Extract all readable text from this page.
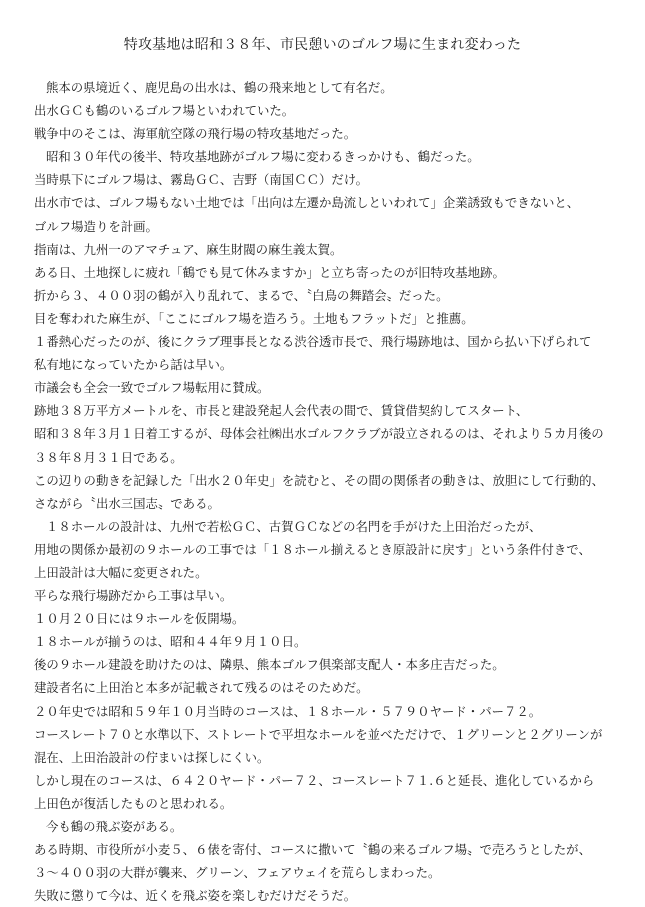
特攻基地は昭和３８年、市民憩いのゴルフ場に生まれ変わった
熊本の県境近く、鹿児島の出水は、鶴の飛来地として有名だ。
出水ＧＣも鶴のいるゴルフ場といわれていた。
戦争中のそこは、海軍航空隊の飛行場の特攻基地だった。
昭和３０年代の後半、特攻基地跡がゴルフ場に変わるきっかけも、鶴だった。
当時県下にゴルフ場は、霧島ＧＣ、吉野（南国ＣＣ）だけ。
出水市では、ゴルフ場もない土地では「出向は左遷か島流しといわれて」企業誘致もできないと、
ゴルフ場造りを計画。
指南は、九州一のアマチュア、麻生財閥の麻生義太賀。
ある日、土地探しに疲れ「鶴でも見て休みますか」と立ち寄ったのが旧特攻基地跡。
折から３、４００羽の鶴が入り乱れて、まるで、〝白鳥の舞踏会〟だった。
目を奪われた麻生が、「ここにゴルフ場を造ろう。土地もフラットだ」と推薦。
１番熱心だったのが、後にクラブ理事長となる渋谷透市長で、飛行場跡地は、国から払い下げられて
私有地になっていたから話は早い。
市議会も全会一致でゴルフ場転用に賛成。
跡地３８万平方メートルを、市長と建設発起人会代表の間で、賃貸借契約してスタート、
昭和３８年３月１日着工するが、母体会社㈱出水ゴルフクラブが設立されるのは、それより５カ月後の
３８年８月３１日である。
この辺りの動きを記録した「出水２０年史」を読むと、その間の関係者の動きは、放胆にして行動的、
さながら〝出水三国志〟である。
１８ホールの設計は、九州で若松ＧＣ、古賀ＧＣなどの名門を手がけた上田治だったが、
用地の関係か最初の９ホールの工事では「１８ホール揃えるとき原設計に戻す」という条件付きで、
上田設計は大幅に変更された。
平らな飛行場跡だから工事は早い。
１０月２０日には９ホールを仮開場。
１８ホールが揃うのは、昭和４４年９月１０日。
後の９ホール建設を助けたのは、隣県、熊本ゴルフ倶楽部支配人・本多庄吉だった。
建設者名に上田治と本多が記載されて残るのはそのためだ。
２０年史では昭和５９年１０月当時のコースは、１８ホール・５７９０ヤード・パー７２。
コースレート７０と水準以下、ストレートで平坦なホールを並べただけで、１グリーンと２グリーンが
混在、上田治設計の佇まいは探しにくい。
しかし現在のコースは、６４２０ヤード・パー７２、コースレート７１.６と延長、進化しているから
上田色が復活したものと思われる。
今も鶴の飛ぶ姿がある。
ある時期、市役所が小麦５、６俵を寄付、コースに撒いて〝鶴の来るゴルフ場〟で売ろうとしたが、
３～４００羽の大群が襲来、グリーン、フェアウェイを荒らしまわった。
失敗に懲りて今は、近くを飛ぶ姿を楽しむだけだそうだ。
